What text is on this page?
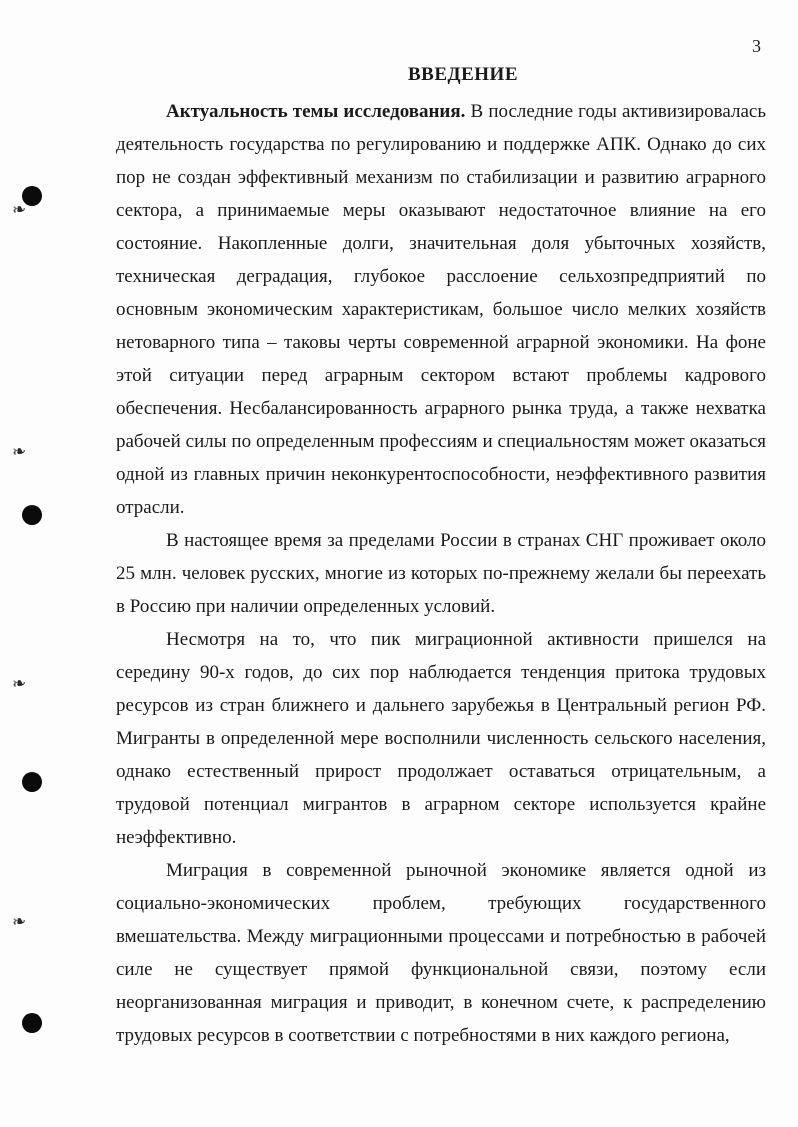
3
ВВЕДЕНИЕ

Актуальность темы исследования. В последние годы активизировалась деятельность государства по регулированию и поддержке АПК. Однако до сих пор не создан эффективный механизм по стабилизации и развитию аграрного сектора, а принимаемые меры оказывают недостаточное влияние на его состояние. Накопленные долги, значительная доля убыточных хозяйств, техническая деградация, глубокое расслоение сельхозпредприятий по основным экономическим характеристикам, большое число мелких хозяйств нетоварного типа – таковы черты современной аграрной экономики. На фоне этой ситуации перед аграрным сектором встают проблемы кадрового обеспечения. Несбалансированность аграрного рынка труда, а также нехватка рабочей силы по определенным профессиям и специальностям может оказаться одной из главных причин неконкурентоспособности, неэффективного развития отрасли.

В настоящее время за пределами России в странах СНГ проживает около 25 млн. человек русских, многие из которых по-прежнему желали бы переехать в Россию при наличии определенных условий.

Несмотря на то, что пик миграционной активности пришелся на середину 90-х годов, до сих пор наблюдается тенденция притока трудовых ресурсов из стран ближнего и дальнего зарубежья в Центральный регион РФ. Мигранты в определенной мере восполнили численность сельского населения, однако естественный прирост продолжает оставаться отрицательным, а трудовой потенциал мигрантов в аграрном секторе используется крайне неэффективно.

Миграция в современной рыночной экономике является одной из социально-экономических проблем, требующих государственного вмешательства. Между миграционными процессами и потребностью в рабочей силе не существует прямой функциональной связи, поэтому если неорганизованная миграция и приводит, в конечном счете, к распределению трудовых ресурсов в соответствии с потребностями в них каждого региона,

❧
❧
❧
❧
